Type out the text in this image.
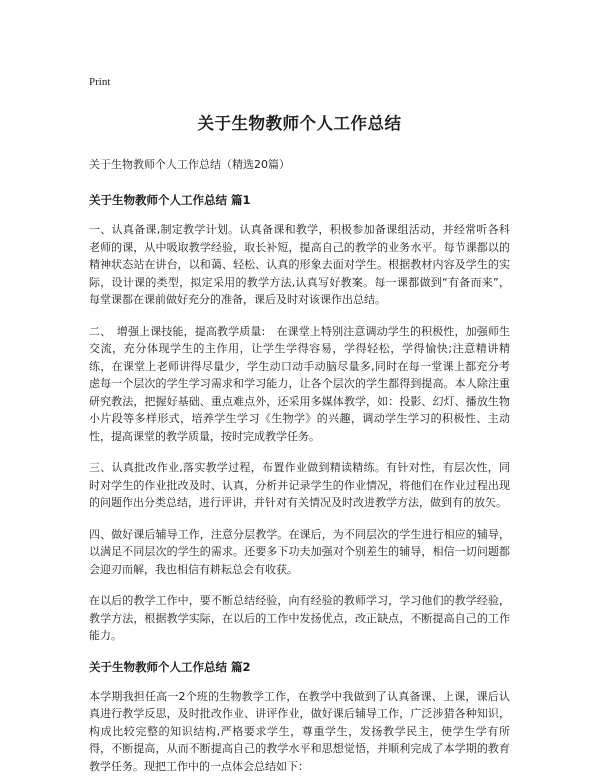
Print
关于生物教师个人工作总结
关于生物教师个人工作总结（精选20篇）
关于生物教师个人工作总结 篇1

一、认真备课,制定教学计划。认真备课和教学，积极参加备课组活动，并经常听各科老师的课，从中吸取教学经验，取长补短，提高自己的教学的业务水平。每节课都以的精神状态站在讲台，以和蔼、轻松、认真的形象去面对学生。根据教材内容及学生的实际，设计课的类型，拟定采用的教学方法,认真写好教案。每一课都做到“有备而来”，每堂课都在课前做好充分的准备，课后及时对该课作出总结。

二、　增强上课技能，提高教学质量:　在课堂上特别注意调动学生的积极性，加强师生交流，充分体现学生的主作用，让学生学得容易，学得轻松，学得愉快;注意精讲精练，在课堂上老师讲得尽量少，学生动口动手动脑尽量多,同时在每一堂课上都充分考虑每一个层次的学生学习需求和学习能力，让各个层次的学生都得到提高。本人除注重研究教法，把握好基础、重点难点外，还采用多媒体教学，如：投影、幻灯、播放生物小片段等多样形式，培养学生学习《生物学》的兴趣，调动学生学习的积极性、主动性，提高课堂的教学质量，按时完成教学任务。

三、认真批改作业,落实教学过程，布置作业做到精读精练。有针对性，有层次性，同时对学生的作业批改及时、认真，分析并记录学生的作业情况，将他们在作业过程出现的问题作出分类总结，进行评讲，并针对有关情况及时改进教学方法，做到有的放矢。

四、做好课后辅导工作，注意分层教学。在课后，为不同层次的学生进行相应的辅导，以满足不同层次的学生的需求。还要多下功夫加强对个别差生的辅导，相信一切问题都会迎刃而解，我也相信有耕耘总会有收获。

在以后的教学工作中，要不断总结经验，向有经验的教师学习，学习他们的教学经验，教学方法，根据教学实际，在以后的工作中发扬优点，改正缺点，不断提高自己的工作能力。

关于生物教师个人工作总结 篇2

本学期我担任高一2个班的生物教学工作，在教学中我做到了认真备课、上课，课后认真进行教学反思，及时批改作业、讲评作业，做好课后辅导工作，广泛涉猎各种知识，构成比较完整的知识结构,严格要求学生，尊重学生，发扬教学民主，使学生学有所得，不断提高，从而不断提高自己的教学水平和思想觉悟，并顺利完成了本学期的教育教学任务。现把工作中的一点体会总结如下：
